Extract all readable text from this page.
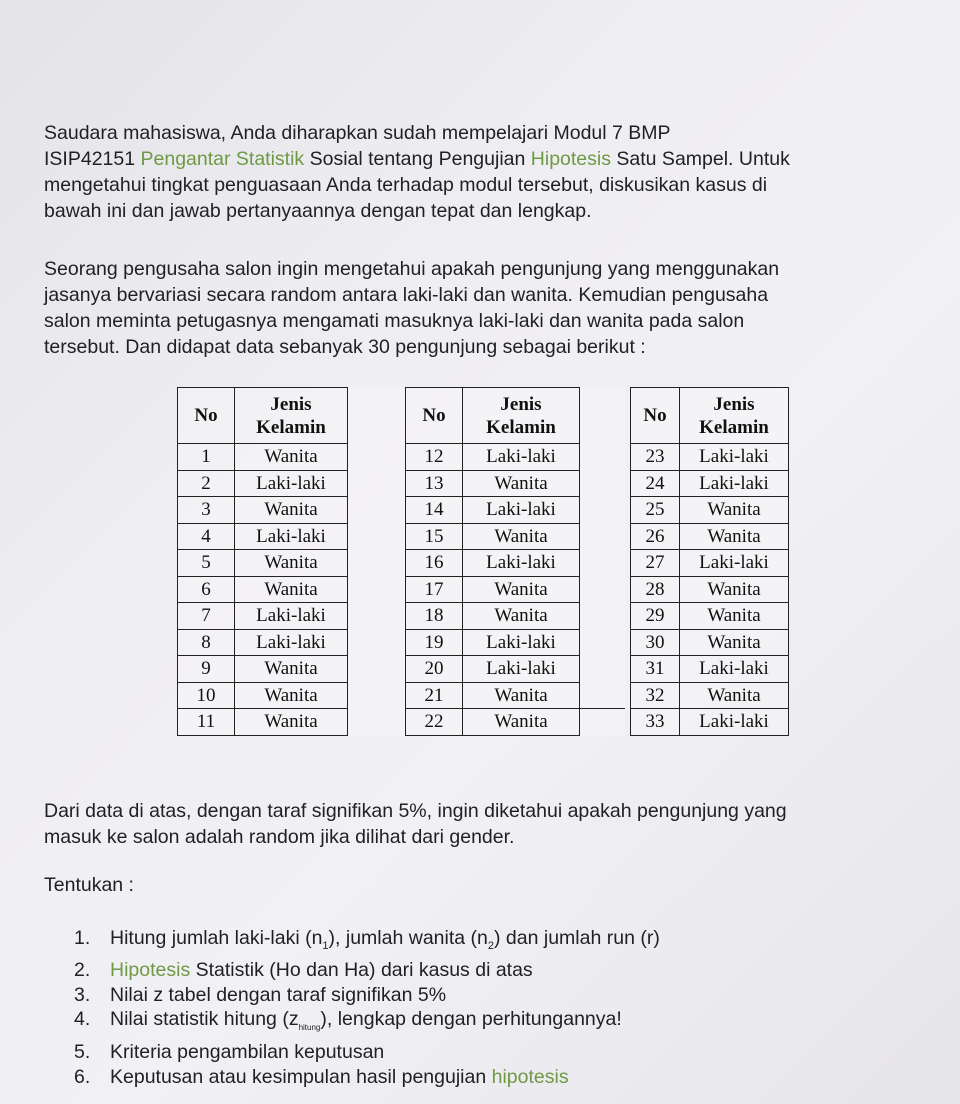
Saudara mahasiswa, Anda diharapkan sudah mempelajari Modul 7 BMP
ISIP42151 Pengantar Statistik Sosial tentang Pengujian Hipotesis Satu Sampel. Untuk
mengetahui tingkat penguasaan Anda terhadap modul tersebut, diskusikan kasus di
bawah ini dan jawab pertanyaannya dengan tepat dan lengkap.
Seorang pengusaha salon ingin mengetahui apakah pengunjung yang menggunakan
jasanya bervariasi secara random antara laki-laki dan wanita. Kemudian pengusaha
salon meminta petugasnya mengamati masuknya laki-laki dan wanita pada salon
tersebut. Dan didapat data sebanyak 30 pengunjung sebagai berikut :
No	Jenis
Kelamin	
1	Wanita	
2	Laki-laki	
3	Wanita	
4	Laki-laki	
5	Wanita	
6	Wanita	
7	Laki-laki	
8	Laki-laki	
9	Wanita	
10	Wanita	
11	Wanita	
No	Jenis
Kelamin	
12	Laki-laki	
13	Wanita	
14	Laki-laki	
15	Wanita	
16	Laki-laki	
17	Wanita	
18	Wanita	
19	Laki-laki	
20	Laki-laki	
21	Wanita	
22	Wanita	
No	Jenis
Kelamin
23	Laki-laki
24	Laki-laki
25	Wanita
26	Wanita
27	Laki-laki
28	Wanita
29	Wanita
30	Wanita
31	Laki-laki
32	Wanita
33	Laki-laki
Dari data di atas, dengan taraf signifikan 5%, ingin diketahui apakah pengunjung yang
masuk ke salon adalah random jika dilihat dari gender.
Tentukan :
1.	Hitung jumlah laki-laki $(n_1)$, jumlah wanita $(n_2)$ dan jumlah run (r)
2.	Hipotesis Statistik (Ho dan Ha) dari kasus di atas
3.	Nilai z tabel dengan taraf signifikan 5%
4.	Nilai statistik hitung $(z_{hitung})$, lengkap dengan perhitungannya!
5.	Kriteria pengambilan keputusan
6.	Keputusan atau kesimpulan hasil pengujian hipotesis
